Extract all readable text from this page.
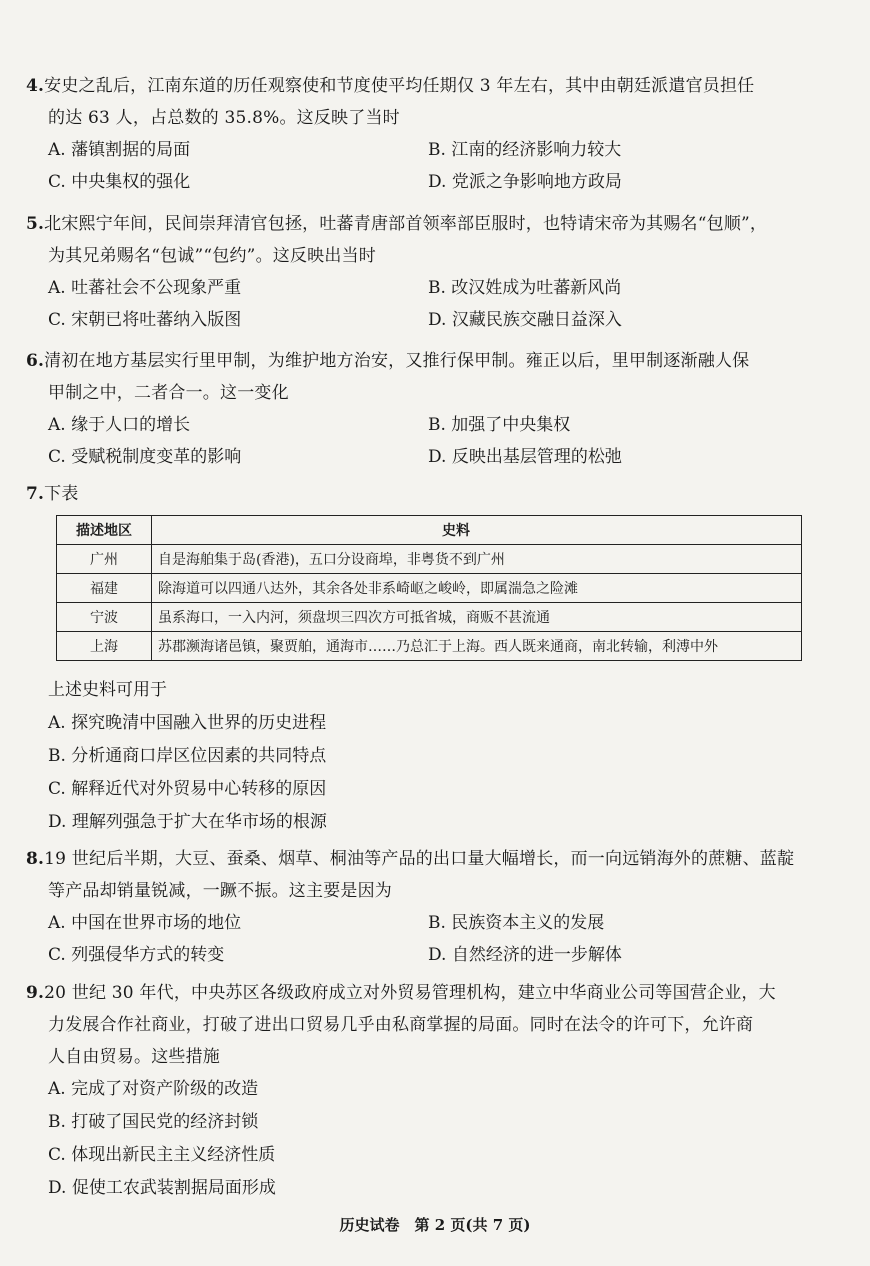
4.安史之乱后，江南东道的历任观察使和节度使平均任期仅 3 年左右，其中由朝廷派遣官员担任
的达 63 人，占总数的 35.8%。这反映了当时
A. 藩镇割据的局面	B. 江南的经济影响力较大
C. 中央集权的强化	D. 党派之争影响地方政局
5.北宋熙宁年间，民间崇拜清官包拯，吐蕃青唐部首领率部臣服时，也特请宋帝为其赐名“包顺”，
为其兄弟赐名“包诚”“包约”。这反映出当时
A. 吐蕃社会不公现象严重	B. 改汉姓成为吐蕃新风尚
C. 宋朝已将吐蕃纳入版图	D. 汉藏民族交融日益深入
6.清初在地方基层实行里甲制，为维护地方治安，又推行保甲制。雍正以后，里甲制逐渐融人保
甲制之中，二者合一。这一变化
A. 缘于人口的增长	B. 加强了中央集权
C. 受赋税制度变革的影响	D. 反映出基层管理的松弛
7.下表
描述地区	史料
广州	自是海舶集于岛(香港)，五口分设商埠，非粤货不到广州
福建	除海道可以四通八达外，其余各处非系崎岖之峻岭，即属湍急之险滩
宁波	虽系海口，一入内河，须盘坝三四次方可抵省城，商贩不甚流通
上海	苏郡濒海诸邑镇，聚贾舶，通海市……乃总汇于上海。西人既来通商，南北转输，利溥中外
上述史料可用于
A. 探究晚清中国融入世界的历史进程
B. 分析通商口岸区位因素的共同特点
C. 解释近代对外贸易中心转移的原因
D. 理解列强急于扩大在华市场的根源
8.19 世纪后半期，大豆、蚕桑、烟草、桐油等产品的出口量大幅增长，而一向远销海外的蔗糖、蓝靛
等产品却销量锐减，一蹶不振。这主要是因为
A. 中国在世界市场的地位	B. 民族资本主义的发展
C. 列强侵华方式的转变	D. 自然经济的进一步解体
9.20 世纪 30 年代，中央苏区各级政府成立对外贸易管理机构，建立中华商业公司等国营企业，大
力发展合作社商业，打破了进出口贸易几乎由私商掌握的局面。同时在法令的许可下，允许商
人自由贸易。这些措施
A. 完成了对资产阶级的改造
B. 打破了国民党的经济封锁
C. 体现出新民主主义经济性质
D. 促使工农武装割据局面形成
历史试卷　第 2 页(共 7 页)
